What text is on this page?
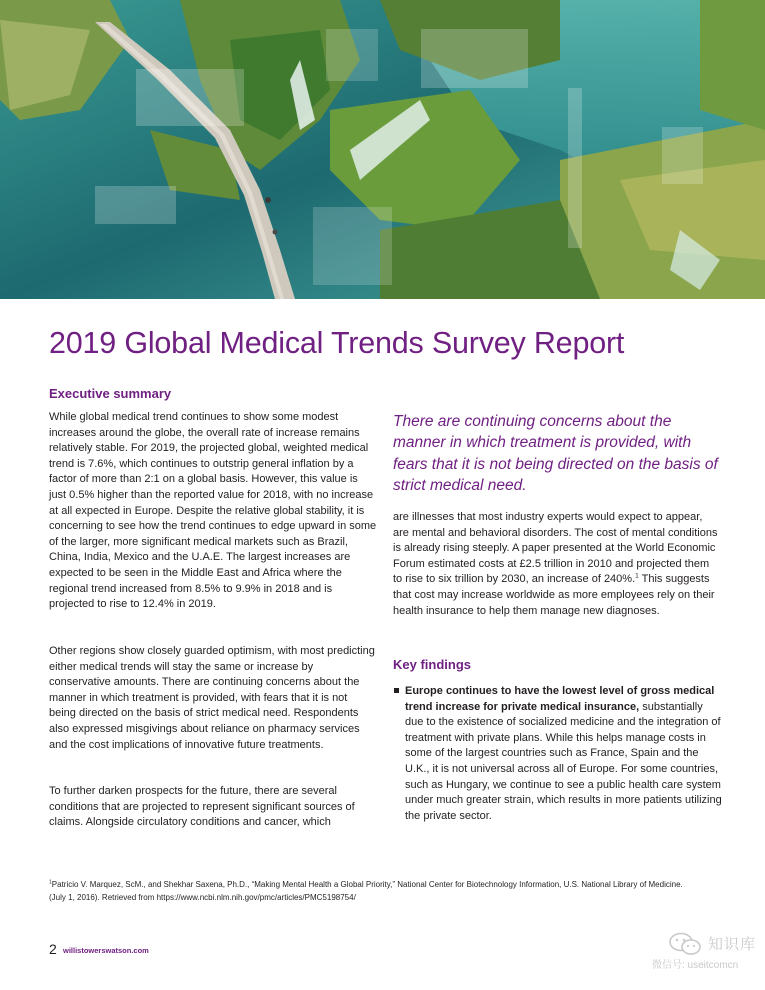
2019 Global Medical Trends Survey Report
Executive summary

While global medical trend continues to show some modest increases around the globe, the overall rate of increase remains relatively stable. For 2019, the projected global, weighted medical trend is 7.6%, which continues to outstrip general inflation by a factor of more than 2:1 on a global basis. However, this value is just 0.5% higher than the reported value for 2018, with no increase at all expected in Europe. Despite the relative global stability, it is concerning to see how the trend continues to edge upward in some of the larger, more significant medical markets such as Brazil, China, India, Mexico and the U.A.E. The largest increases are expected to be seen in the Middle East and Africa where the regional trend increased from 8.5% to 9.9% in 2018 and is projected to rise to 12.4% in 2019.

Other regions show closely guarded optimism, with most predicting either medical trends will stay the same or increase by conservative amounts. There are continuing concerns about the manner in which treatment is provided, with fears that it is not being directed on the basis of strict medical need. Respondents also expressed misgivings about reliance on pharmacy services and the cost implications of innovative future treatments.

To further darken prospects for the future, there are several conditions that are projected to represent significant sources of claims. Alongside circulatory conditions and cancer, which

There are continuing concerns about the manner in which treatment is provided, with fears that it is not being directed on the basis of strict medical need.

are illnesses that most industry experts would expect to appear, are mental and behavioral disorders. The cost of mental conditions is already rising steeply. A paper presented at the World Economic Forum estimated costs at £2.5 trillion in 2010 and projected them to rise to six trillion by 2030, an increase of 240%.$^1$ This suggests that cost may increase worldwide as more employees rely on their health insurance to help them manage new diagnoses.

Key findings

Europe continues to have the lowest level of gross medical trend increase for private medical insurance, substantially due to the existence of socialized medicine and the integration of treatment with private plans. While this helps manage costs in some of the largest countries such as France, Spain and the U.K., it is not universal across all of Europe. For some countries, such as Hungary, we continue to see a public health care system under much greater strain, which results in more patients utilizing the private sector.

$^1$Patricio V. Marquez, ScM., and Shekhar Saxena, Ph.D., “Making Mental Health a Global Priority,” National Center for Biotechnology Information, U.S. National Library of Medicine. (July 1, 2016). Retrieved from https://www.ncbi.nlm.nih.gov/pmc/articles/PMC5198754/

2 willistowerswatson.com	知识库
微信号: useitcomcn
